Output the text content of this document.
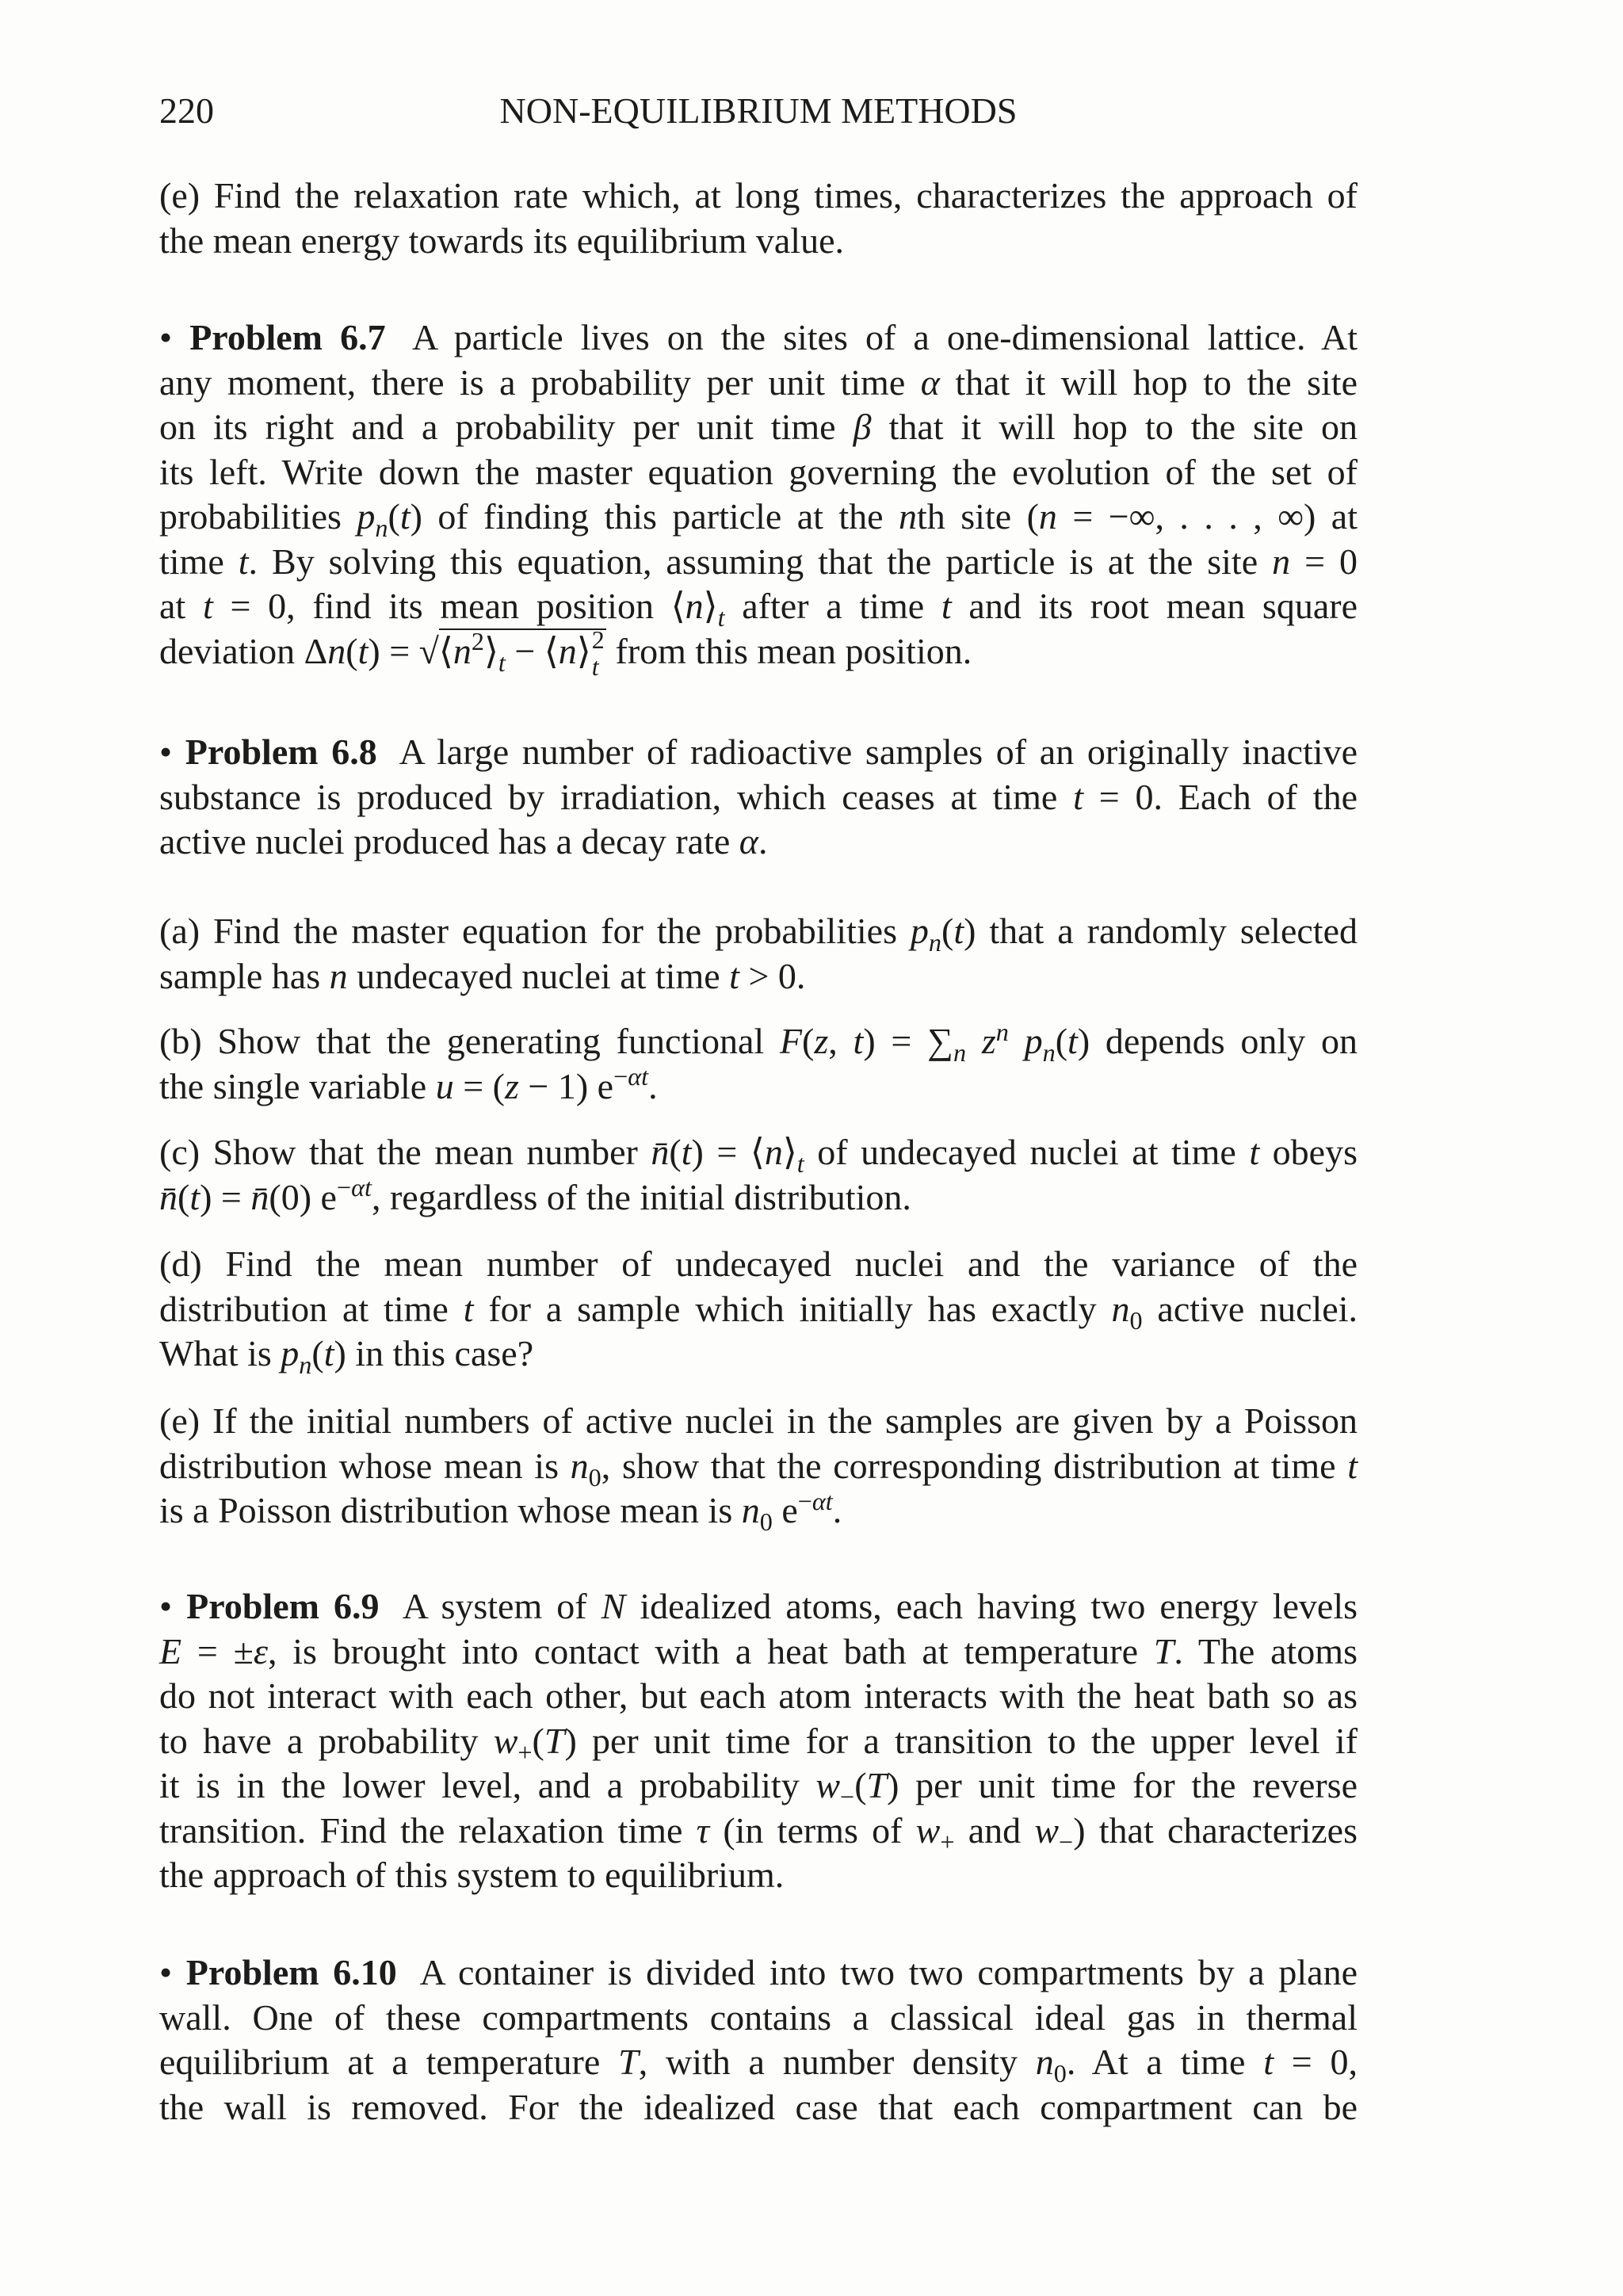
220	NON-EQUILIBRIUM METHODS
(e) Find the relaxation rate which, at long times, characterizes the approach of
the mean energy towards its equilibrium value.
• Problem 6.7 A particle lives on the sites of a one-dimensional lattice. At
any moment, there is a probability per unit time α that it will hop to the site
on its right and a probability per unit time β that it will hop to the site on
its left. Write down the master equation governing the evolution of the set of
probabilities $p_n(t)$ of finding this particle at the nth site (n = −∞, . . . , ∞) at
time t. By solving this equation, assuming that the particle is at the site n = 0
at t = 0, find its mean position $⟨n⟩_t$ after a time t and its root mean square
deviation $\Delta n(t) = √⟨n^2⟩_t$ − ⟨n⟩ 2
t from this mean position.
• Problem 6.8 A large number of radioactive samples of an originally inactive
substance is produced by irradiation, which ceases at time t = 0. Each of the
active nuclei produced has a decay rate α.
(a) Find the master equation for the probabilities $p_n(t)$ that a randomly selected
sample has n undecayed nuclei at time t > 0.
(b) Show that the generating functional F(z, $t) = \sum_n$ $z^n$ $p_n(t)$ depends only on
the single variable u = (z − 1) $e^{-\alpha t}$.
(c) Show that the mean number n̄(t) = $⟨n⟩_t$ of undecayed nuclei at time t obeys
n̄(t) = n̄(0) $e^{-\alpha t}$, regardless of the initial distribution.
(d) Find the mean number of undecayed nuclei and the variance of the
distribution at time t for a sample which initially has exactly $n_0$ active nuclei.
What is $p_n(t)$ in this case?
(e) If the initial numbers of active nuclei in the samples are given by a Poisson
distribution whose mean is $n_0$, show that the corresponding distribution at time t
is a Poisson distribution whose mean is $n_0$ $e^{-\alpha t}$.
• Problem 6.9 A system of N idealized atoms, each having two energy levels
E = ±ε, is brought into contact with a heat bath at temperature T. The atoms
do not interact with each other, but each atom interacts with the heat bath so as
to have a probability $w_+(T)$ per unit time for a transition to the upper level if
it is in the lower level, and a probability $w_-(T)$ per unit time for the reverse
transition. Find the relaxation time τ (in terms of $w_+$ and $w_-$) that characterizes
the approach of this system to equilibrium.
• Problem 6.10 A container is divided into two two compartments by a plane
wall. One of these compartments contains a classical ideal gas in thermal
equilibrium at a temperature T, with a number density $n_0$. At a time t = 0,
the wall is removed. For the idealized case that each compartment can be
